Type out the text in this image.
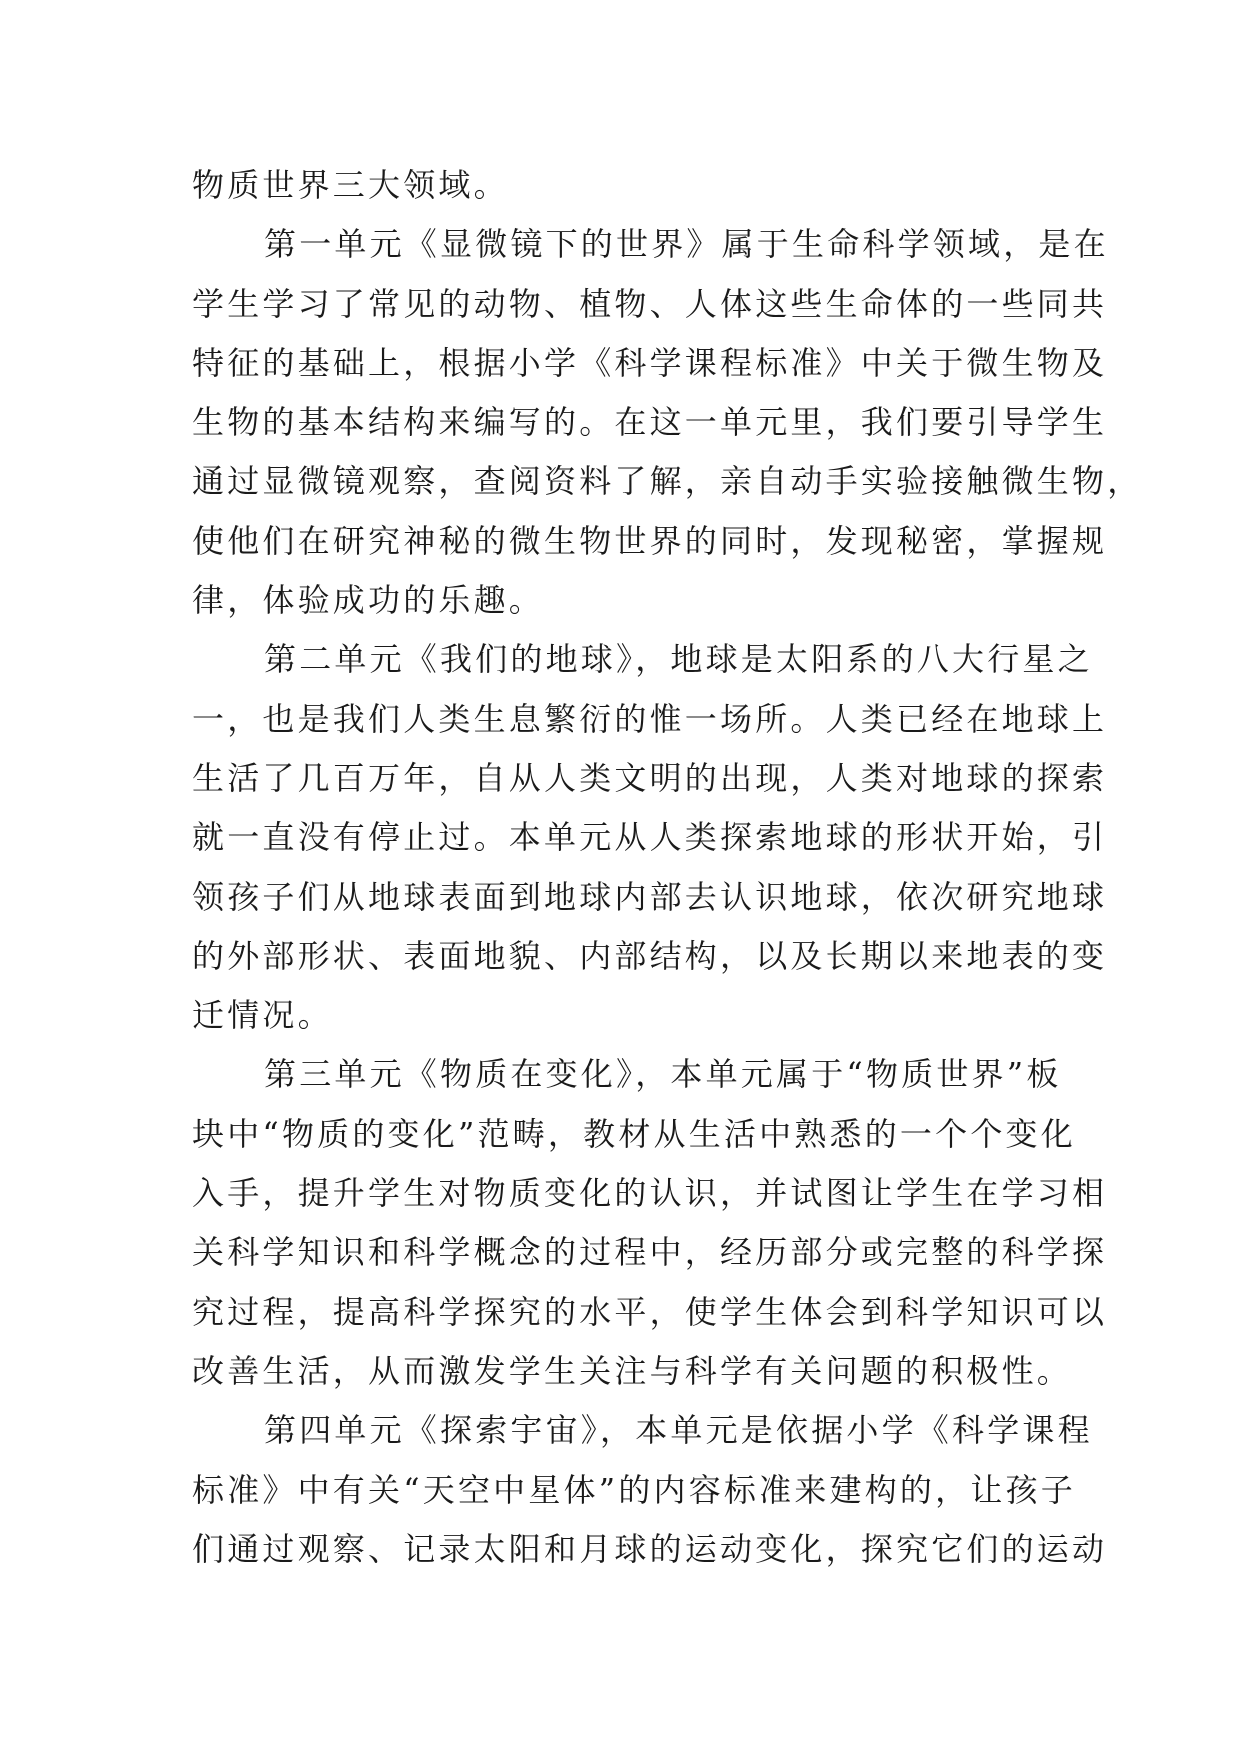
物质世界三大领域。
第一单元《显微镜下的世界》属于生命科学领域，是在
学生学习了常见的动物、植物、人体这些生命体的一些同共
特征的基础上，根据小学《科学课程标准》中关于微生物及
生物的基本结构来编写的。在这一单元里，我们要引导学生
通过显微镜观察，查阅资料了解，亲自动手实验接触微生物，
使他们在研究神秘的微生物世界的同时，发现秘密，掌握规
律，体验成功的乐趣。
第二单元《我们的地球》，地球是太阳系的八大行星之
一，也是我们人类生息繁衍的惟一场所。人类已经在地球上
生活了几百万年，自从人类文明的出现，人类对地球的探索
就一直没有停止过。本单元从人类探索地球的形状开始，引
领孩子们从地球表面到地球内部去认识地球，依次研究地球
的外部形状、表面地貌、内部结构，以及长期以来地表的变
迁情况。
第三单元《物质在变化》，本单元属于“物质世界”板
块中“物质的变化”范畴，教材从生活中熟悉的一个个变化
入手，提升学生对物质变化的认识，并试图让学生在学习相
关科学知识和科学概念的过程中，经历部分或完整的科学探
究过程，提高科学探究的水平，使学生体会到科学知识可以
改善生活，从而激发学生关注与科学有关问题的积极性。
第四单元《探索宇宙》，本单元是依据小学《科学课程
标准》中有关“天空中星体”的内容标准来建构的，让孩子
们通过观察、记录太阳和月球的运动变化，探究它们的运动
